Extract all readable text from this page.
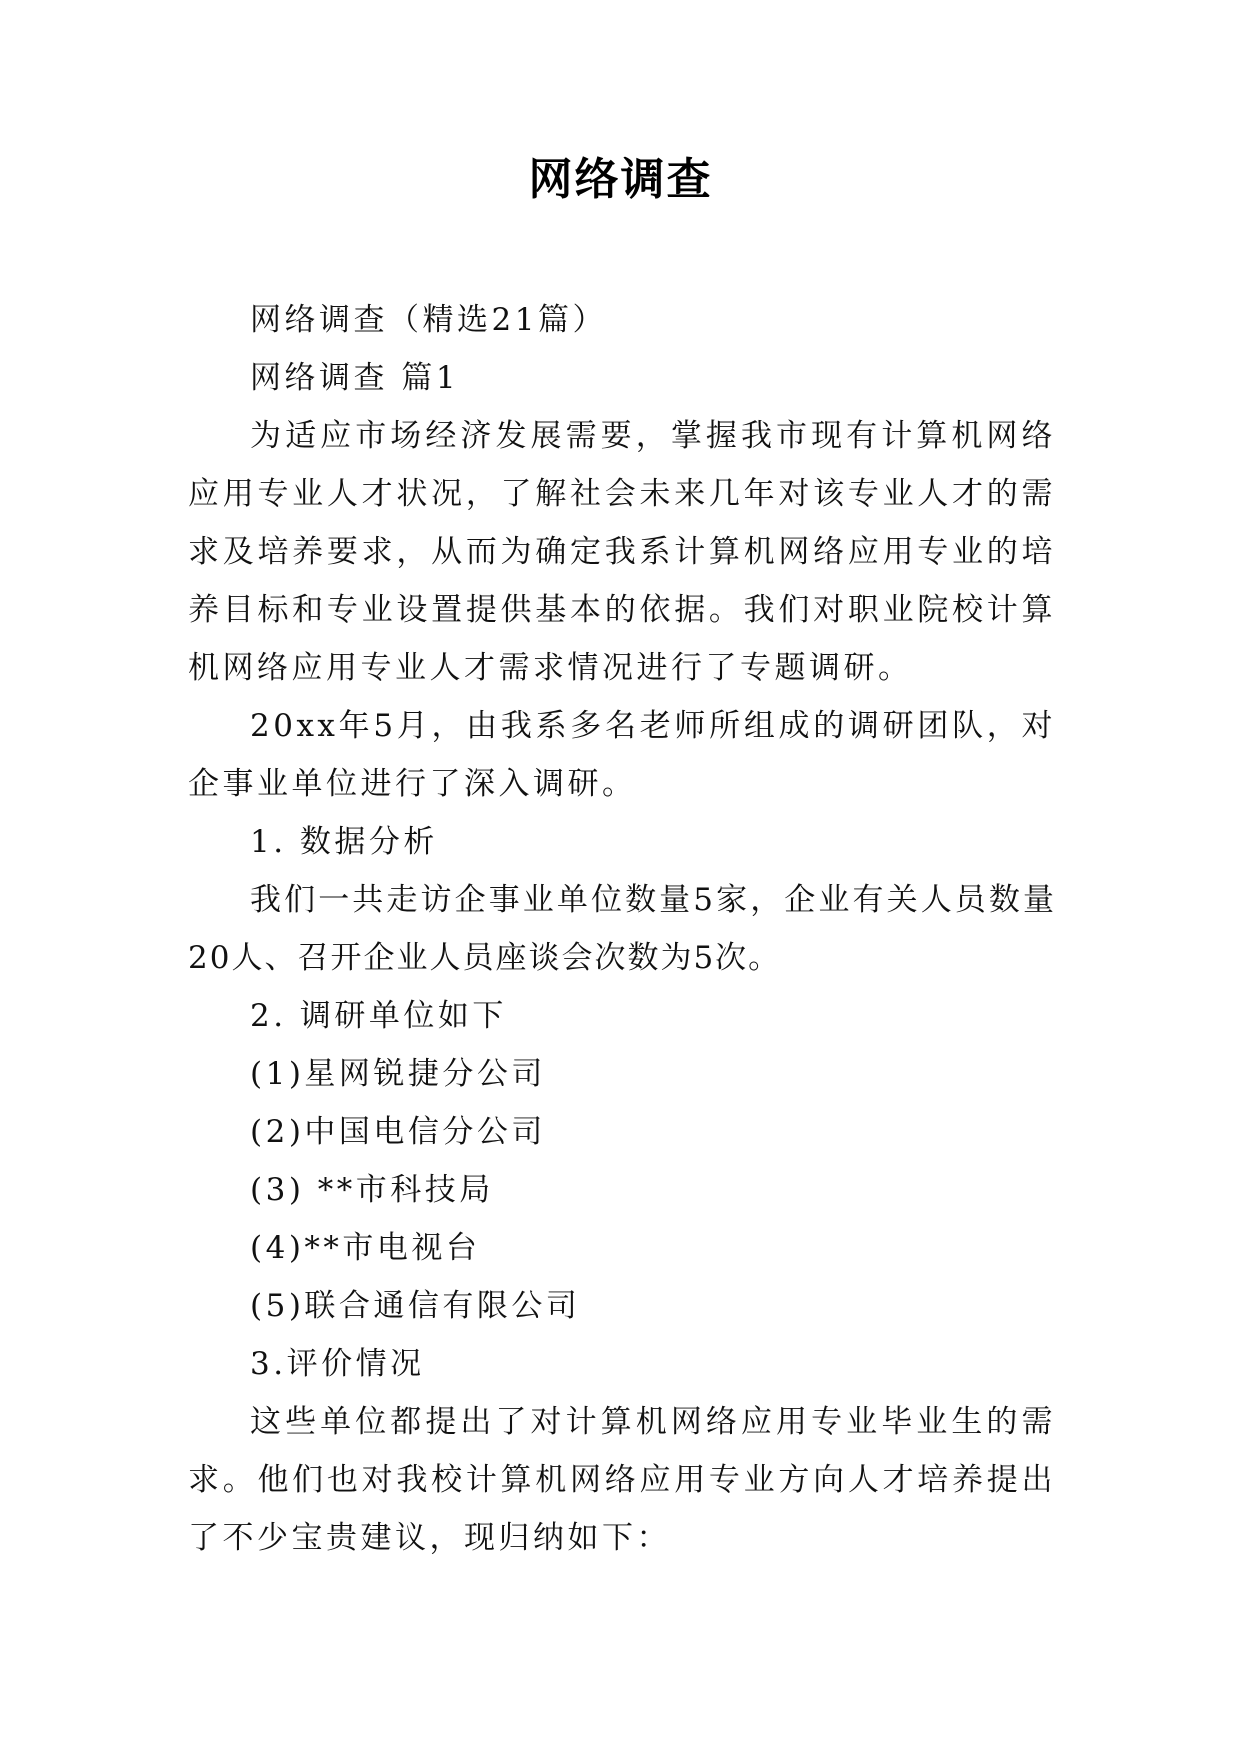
网络调查

网络调查（精选21篇）

网络调查 篇1

为适应市场经济发展需要，掌握我市现有计算机网络应用专业人才状况，了解社会未来几年对该专业人才的需求及培养要求，从而为确定我系计算机网络应用专业的培养目标和专业设置提供基本的依据。我们对职业院校计算机网络应用专业人才需求情况进行了专题调研。

20xx年5月，由我系多名老师所组成的调研团队，对企事业单位进行了深入调研。

1. 数据分析

我们一共走访企事业单位数量5家，企业有关人员数量20人、召开企业人员座谈会次数为5次。

2. 调研单位如下

(1)星网锐捷分公司

(2)中国电信分公司

(3) **市科技局

(4)**市电视台

(5)联合通信有限公司

3.评价情况

这些单位都提出了对计算机网络应用专业毕业生的需求。他们也对我校计算机网络应用专业方向人才培养提出了不少宝贵建议，现归纳如下：
